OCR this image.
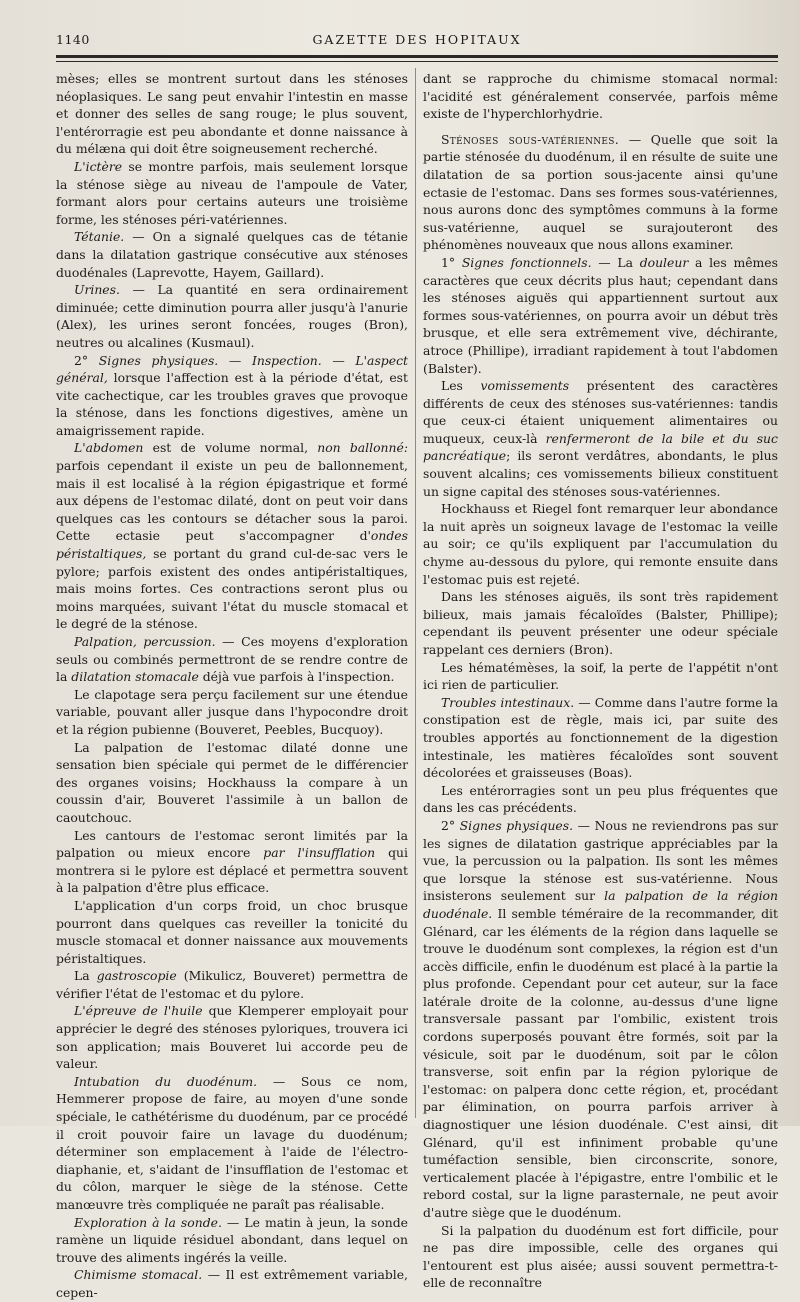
1140	GAZETTE DES HOPITAUX

mèses; elles se montrent surtout dans les sténoses néoplasiques. Le sang peut envahir l'intestin en masse et donner des selles de sang rouge; le plus souvent, l'entérorragie est peu abondante et donne naissance à du mélæna qui doit être soigneusement recherché.

L'ictère se montre parfois, mais seulement lorsque la sténose siège au niveau de l'ampoule de Vater, formant alors pour certains auteurs une troisième forme, les sténoses péri-vatériennes.

Tétanie. — On a signalé quelques cas de tétanie dans la dilatation gastrique consécutive aux sténoses duodénales (Laprevotte, Hayem, Gaillard).

Urines. — La quantité en sera ordinairement diminuée; cette diminution pourra aller jusqu'à l'anurie (Alex), les urines seront foncées, rouges (Bron), neutres ou alcalines (Kusmaul).

2° Signes physiques. — Inspection. — L'aspect général, lorsque l'affection est à la période d'état, est vite cachectique, car les troubles graves que provoque la sténose, dans les fonctions digestives, amène un amaigrissement rapide.

L'abdomen est de volume normal, non ballonné: parfois cependant il existe un peu de ballonnement, mais il est localisé à la région épigastrique et formé aux dépens de l'estomac dilaté, dont on peut voir dans quelques cas les contours se détacher sous la paroi. Cette ectasie peut s'accompagner d'ondes péristaltiques, se portant du grand cul-de-sac vers le pylore; parfois existent des ondes antipéristaltiques, mais moins fortes. Ces contractions seront plus ou moins marquées, suivant l'état du muscle stomacal et le degré de la sténose.

Palpation, percussion. — Ces moyens d'exploration seuls ou combinés permettront de se rendre contre de la dilatation stomacale déjà vue parfois à l'inspection.

Le clapotage sera perçu facilement sur une étendue variable, pouvant aller jusque dans l'hypocondre droit et la région pubienne (Bouveret, Peebles, Bucquoy).

La palpation de l'estomac dilaté donne une sensation bien spéciale qui permet de le différencier des organes voisins; Hockhauss la compare à un coussin d'air, Bouveret l'assimile à un ballon de caoutchouc.

Les cantours de l'estomac seront limités par la palpation ou mieux encore par l'insufflation qui montrera si le pylore est déplacé et permettra souvent à la palpation d'être plus efficace.

L'application d'un corps froid, un choc brusque pourront dans quelques cas reveiller la tonicité du muscle stomacal et donner naissance aux mouvements péristaltiques.

La gastroscopie (Mikulicz, Bouveret) permettra de vérifier l'état de l'estomac et du pylore.

L'épreuve de l'huile que Klemperer employait pour apprécier le degré des sténoses pyloriques, trouvera ici son application; mais Bouveret lui accorde peu de valeur.

Intubation du duodénum. — Sous ce nom, Hemmerer propose de faire, au moyen d'une sonde spéciale, le cathétérisme du duodénum, par ce procédé il croit pouvoir faire un lavage du duodénum; déterminer son emplacement à l'aide de l'électro-diaphanie, et, s'aidant de l'insufflation de l'estomac et du côlon, marquer le siège de la sténose. Cette manœuvre très compliquée ne paraît pas réalisable.

Exploration à la sonde. — Le matin à jeun, la sonde ramène un liquide résiduel abondant, dans lequel on trouve des aliments ingérés la veille.

Chimisme stomacal. — Il est extrêmement variable, cepen-

dant se rapproche du chimisme stomacal normal: l'acidité est généralement conservée, parfois même existe de l'hyperchlorhydrie.

Sténoses sous-vatériennes. — Quelle que soit la partie sténosée du duodénum, il en résulte de suite une dilatation de sa portion sous-jacente ainsi qu'une ectasie de l'estomac. Dans ses formes sous-vatériennes, nous aurons donc des symptômes communs à la forme sus-vatérienne, auquel se surajouteront des phénomènes nouveaux que nous allons examiner.

1° Signes fonctionnels. — La douleur a les mêmes caractères que ceux décrits plus haut; cependant dans les sténoses aiguës qui appartiennent surtout aux formes sous-vatériennes, on pourra avoir un début très brusque, et elle sera extrêmement vive, déchirante, atroce (Phillipe), irradiant rapidement à tout l'abdomen (Balster).

Les vomissements présentent des caractères différents de ceux des sténoses sus-vatériennes: tandis que ceux-ci étaient uniquement alimentaires ou muqueux, ceux-là renfermeront de la bile et du suc pancréatique; ils seront verdâtres, abondants, le plus souvent alcalins; ces vomissements bilieux constituent un signe capital des sténoses sous-vatériennes.

Hockhauss et Riegel font remarquer leur abondance la nuit après un soigneux lavage de l'estomac la veille au soir; ce qu'ils expliquent par l'accumulation du chyme au-dessous du pylore, qui remonte ensuite dans l'estomac puis est rejeté.

Dans les sténoses aiguës, ils sont très rapidement bilieux, mais jamais fécaloïdes (Balster, Phillipe); cependant ils peuvent présenter une odeur spéciale rappelant ces derniers (Bron).

Les hématémèses, la soif, la perte de l'appétit n'ont ici rien de particulier.

Troubles intestinaux. — Comme dans l'autre forme la constipation est de règle, mais ici, par suite des troubles apportés au fonctionnement de la digestion intestinale, les matières fécaloïdes sont souvent décolorées et graisseuses (Boas).

Les entérorragies sont un peu plus fréquentes que dans les cas précédents.

2° Signes physiques. — Nous ne reviendrons pas sur les signes de dilatation gastrique appréciables par la vue, la percussion ou la palpation. Ils sont les mêmes que lorsque la sténose est sus-vatérienne. Nous insisterons seulement sur la palpation de la région duodénale. Il semble téméraire de la recommander, dit Glénard, car les éléments de la région dans laquelle se trouve le duodénum sont complexes, la région est d'un accès difficile, enfin le duodénum est placé à la partie la plus profonde. Cependant pour cet auteur, sur la face latérale droite de la colonne, au-dessus d'une ligne transversale passant par l'ombilic, existent trois cordons superposés pouvant être formés, soit par la vésicule, soit par le duodénum, soit par le côlon transverse, soit enfin par la région pylorique de l'estomac: on palpera donc cette région, et, procédant par élimination, on pourra parfois arriver à diagnostiquer une lésion duodénale. C'est ainsi, dit Glénard, qu'il est infiniment probable qu'une tuméfaction sensible, bien circonscrite, sonore, verticalement placée à l'épigastre, entre l'ombilic et le rebord costal, sur la ligne parasternale, ne peut avoir d'autre siège que le duodénum.

Si la palpation du duodénum est fort difficile, pour ne pas dire impossible, celle des organes qui l'entourent est plus aisée; aussi souvent permettra-t-elle de reconnaître
